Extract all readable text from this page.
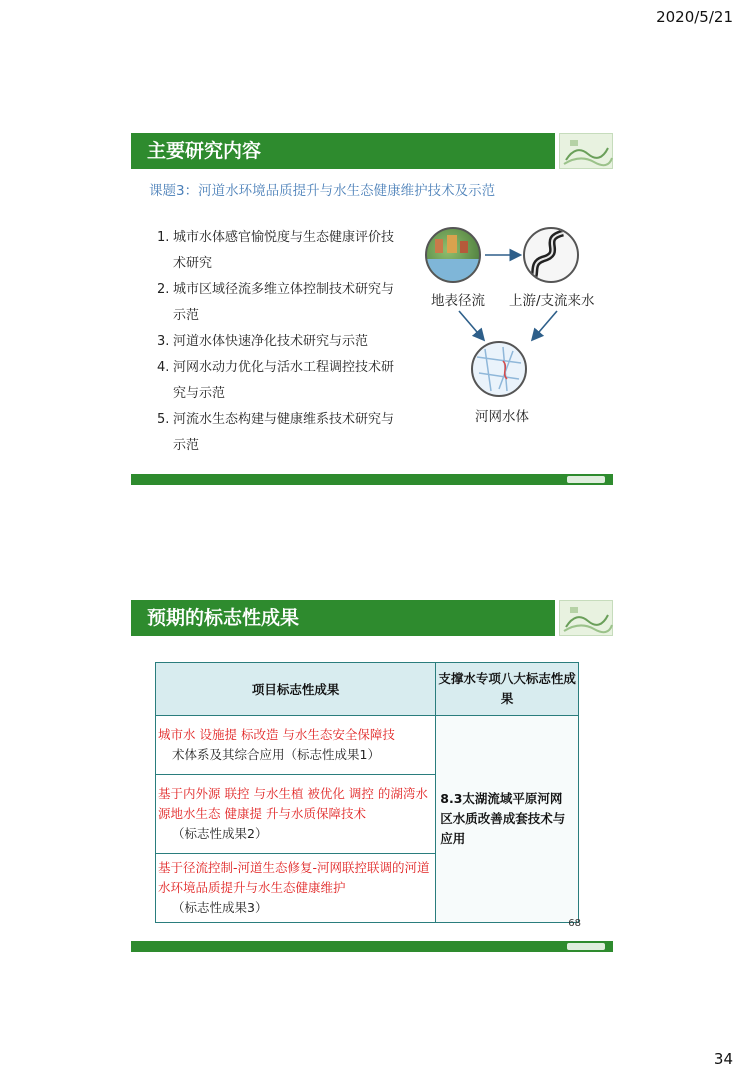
2020/5/21
主要研究内容
课题3：河道水环境品质提升与水生态健康维护技术及示范
1. 城市水体感官愉悦度与生态健康评价技术研究
2. 城市区域径流多维立体控制技术研究与示范
3. 河道水体快速净化技术研究与示范
4. 河网水动力优化与活水工程调控技术研究与示范
5. 河流水生态构建与健康维系技术研究与示范
地表径流 上游/支流来水
河网水体
预期的标志性成果
项目标志性成果	支撑水专项八大标志性成果
城市水 设施提 标改造 与水生态安全保障技
术体系及其综合应用（标志性成果1）	8.3太湖流域平原河网区水质改善成套技术与应用
基于内外源 联控 与水生植 被优化 调控 的湖湾水源地水生态 健康提 升与水质保障技术
（标志性成果2）	
基于径流控制-河道生态修复-河网联控联调的河道水环境品质提升与水生态健康维护
（标志性成果3）	
68
34
